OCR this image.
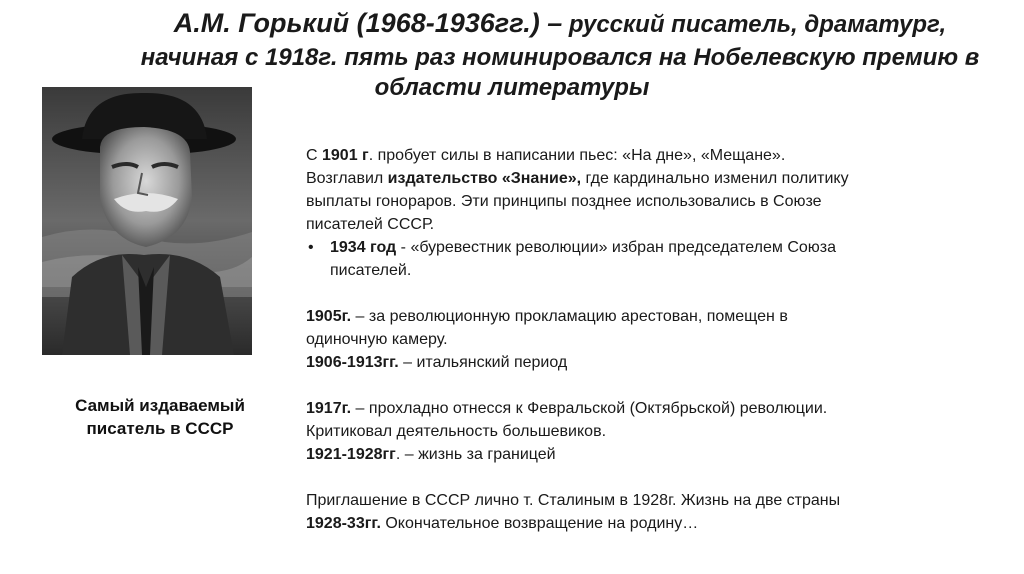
А.М. Горький (1968-1936гг.) – русский писатель, драматург,
начиная с 1918г. пять раз номинировался на Нобелевскую премию в
области литературы
Самый издаваемый
писатель в СССР

С 1901 г. пробует силы в написании пьес: «На дне», «Мещане».

Возглавил издательство «Знание», где кардинально изменил политику

выплаты гонораров. Эти принципы позднее использовались в Союзе

писателей СССР.

• 1934 год - «буревестник революции» избран председателем Союза
писателей.

1905г. – за революционную прокламацию арестован, помещен в
одиночную камеру.

1906-1913гг. – итальянский период

1917г. – прохладно отнесся к Февральской (Октябрьской) революции.
Критиковал деятельность большевиков.

1921-1928гг. – жизнь за границей

Приглашение в СССР лично т. Сталиным в 1928г. Жизнь на две страны

1928-33гг. Окончательное возвращение на родину…
